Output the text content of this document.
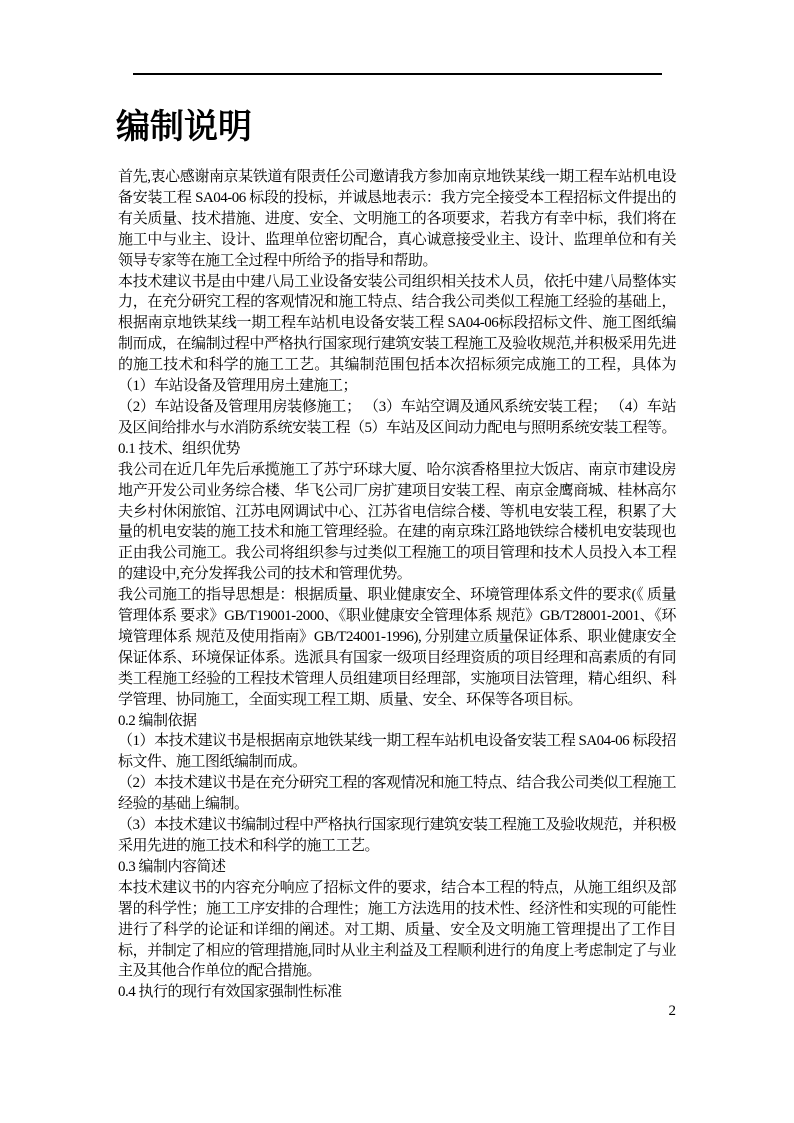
编制说明

首先,衷心感谢南京某铁道有限责任公司邀请我方参加南京地铁某线一期工程车站机电设备安装工程 SA04-06 标段的投标，并诚恳地表示：我方完全接受本工程招标文件提出的有关质量、技术措施、进度、安全、文明施工的各项要求，若我方有幸中标，我们将在施工中与业主、设计、监理单位密切配合，真心诚意接受业主、设计、监理单位和有关领导专家等在施工全过程中所给予的指导和帮助。

本技术建议书是由中建八局工业设备安装公司组织相关技术人员，依托中建八局整体实力，在充分研究工程的客观情况和施工特点、结合我公司类似工程施工经验的基础上，根据南京地铁某线一期工程车站机电设备安装工程 SA04-06标段招标文件、施工图纸编制而成，在编制过程中严格执行国家现行建筑安装工程施工及验收规范,并积极采用先进的施工技术和科学的施工工艺。其编制范围包括本次招标须完成施工的工程，具体为（1）车站设备及管理用房土建施工；

（2）车站设备及管理用房装修施工； （3）车站空调及通风系统安装工程； （4）车站及区间给排水与水消防系统安装工程（5）车站及区间动力配电与照明系统安装工程等。

0.1 技术、组织优势

我公司在近几年先后承揽施工了苏宁环球大厦、哈尔滨香格里拉大饭店、南京市建设房地产开发公司业务综合楼、华飞公司厂房扩建项目安装工程、南京金鹰商城、桂林高尔夫乡村休闲旅馆、江苏电网调试中心、江苏省电信综合楼、等机电安装工程，积累了大量的机电安装的施工技术和施工管理经验。在建的南京珠江路地铁综合楼机电安装现也正由我公司施工。我公司将组织参与过类似工程施工的项目管理和技术人员投入本工程的建设中,充分发挥我公司的技术和管理优势。

我公司施工的指导思想是：根据质量、职业健康安全、环境管理体系文件的要求(《 质量管理体系 要求》GB/T19001-2000、《职业健康安全管理体系 规范》GB/T28001-2001、《环境管理体系 规范及使用指南》GB/T24001-1996), 分别建立质量保证体系、职业健康安全保证体系、环境保证体系。选派具有国家一级项目经理资质的项目经理和高素质的有同类工程施工经验的工程技术管理人员组建项目经理部，实施项目法管理，精心组织、科学管理、协同施工，全面实现工程工期、质量、安全、环保等各项目标。

0.2 编制依据

（1）本技术建议书是根据南京地铁某线一期工程车站机电设备安装工程 SA04-06 标段招标文件、施工图纸编制而成。

（2）本技术建议书是在充分研究工程的客观情况和施工特点、结合我公司类似工程施工经验的基础上编制。

（3）本技术建议书编制过程中严格执行国家现行建筑安装工程施工及验收规范，并积极采用先进的施工技术和科学的施工工艺。

0.3 编制内容简述

本技术建议书的内容充分响应了招标文件的要求，结合本工程的特点，从施工组织及部署的科学性；施工工序安排的合理性；施工方法选用的技术性、经济性和实现的可能性进行了科学的论证和详细的阐述。对工期、质量、安全及文明施工管理提出了工作目标，并制定了相应的管理措施,同时从业主利益及工程顺利进行的角度上考虑制定了与业主及其他合作单位的配合措施。

0.4 执行的现行有效国家强制性标准

2
